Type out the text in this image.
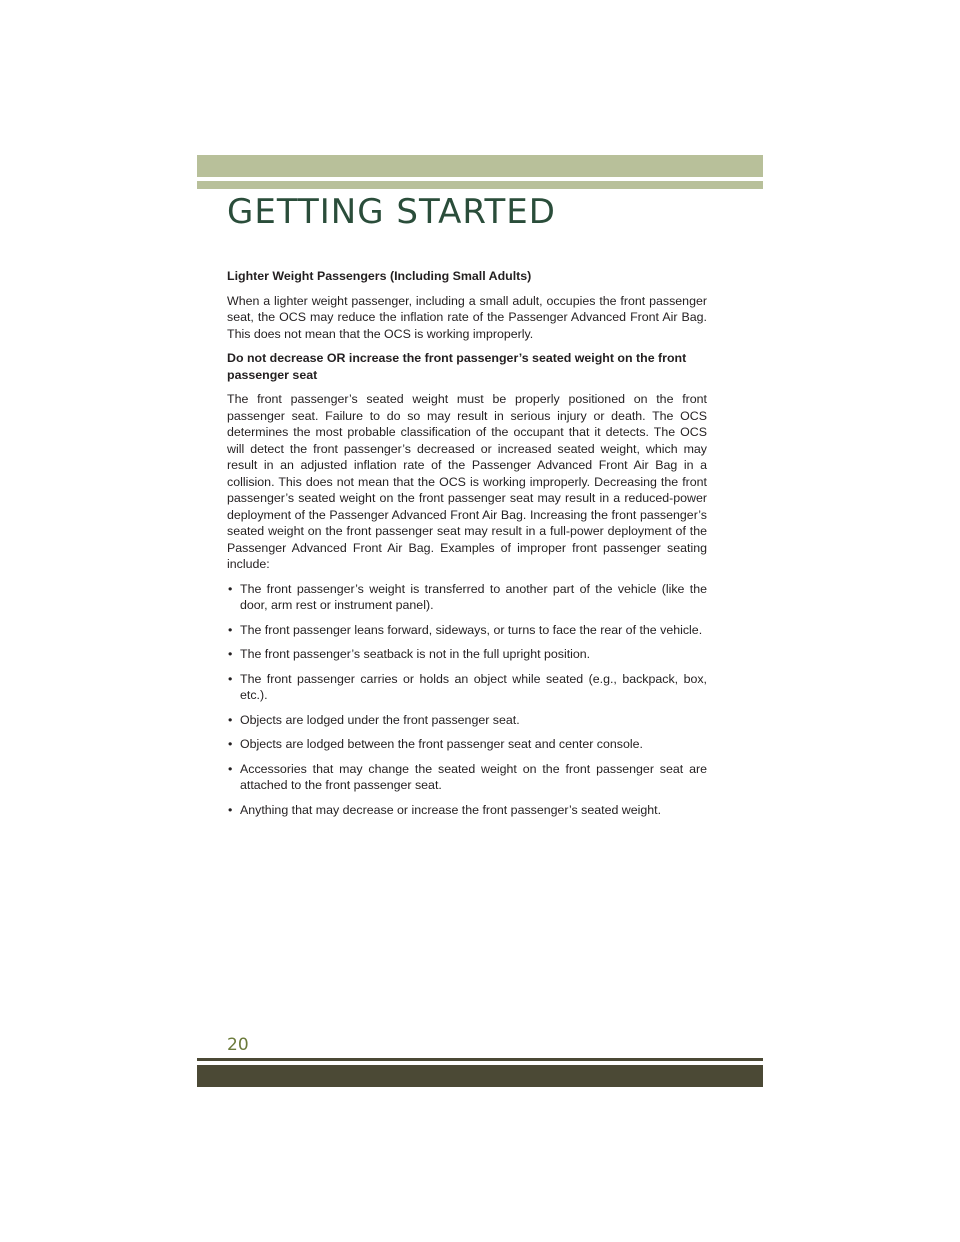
GETTING STARTED

Lighter Weight Passengers (Including Small Adults)

When a lighter weight passenger, including a small adult, occupies the front passenger seat, the OCS may reduce the inflation rate of the Passenger Advanced Front Air Bag. This does not mean that the OCS is working improperly.

Do not decrease OR increase the front passenger’s seated weight on the front passenger seat

The front passenger’s seated weight must be properly positioned on the front passenger seat. Failure to do so may result in serious injury or death. The OCS determines the most probable classification of the occupant that it detects. The OCS will detect the front passenger’s decreased or increased seated weight, which may result in an adjusted inflation rate of the Passenger Advanced Front Air Bag in a collision. This does not mean that the OCS is working improperly. Decreasing the front passenger’s seated weight on the front passenger seat may result in a reduced-power deployment of the Passenger Advanced Front Air Bag. Increasing the front passenger’s seated weight on the front passenger seat may result in a full-power deployment of the Passenger Advanced Front Air Bag. Examples of improper front passenger seating include:

• The front passenger’s weight is transferred to another part of the vehicle (like the door, arm rest or instrument panel).
• The front passenger leans forward, sideways, or turns to face the rear of the vehicle.
• The front passenger’s seatback is not in the full upright position.
• The front passenger carries or holds an object while seated (e.g., backpack, box, etc.).
• Objects are lodged under the front passenger seat.
• Objects are lodged between the front passenger seat and center console.
• Accessories that may change the seated weight on the front passenger seat are attached to the front passenger seat.
• Anything that may decrease or increase the front passenger’s seated weight.
20
